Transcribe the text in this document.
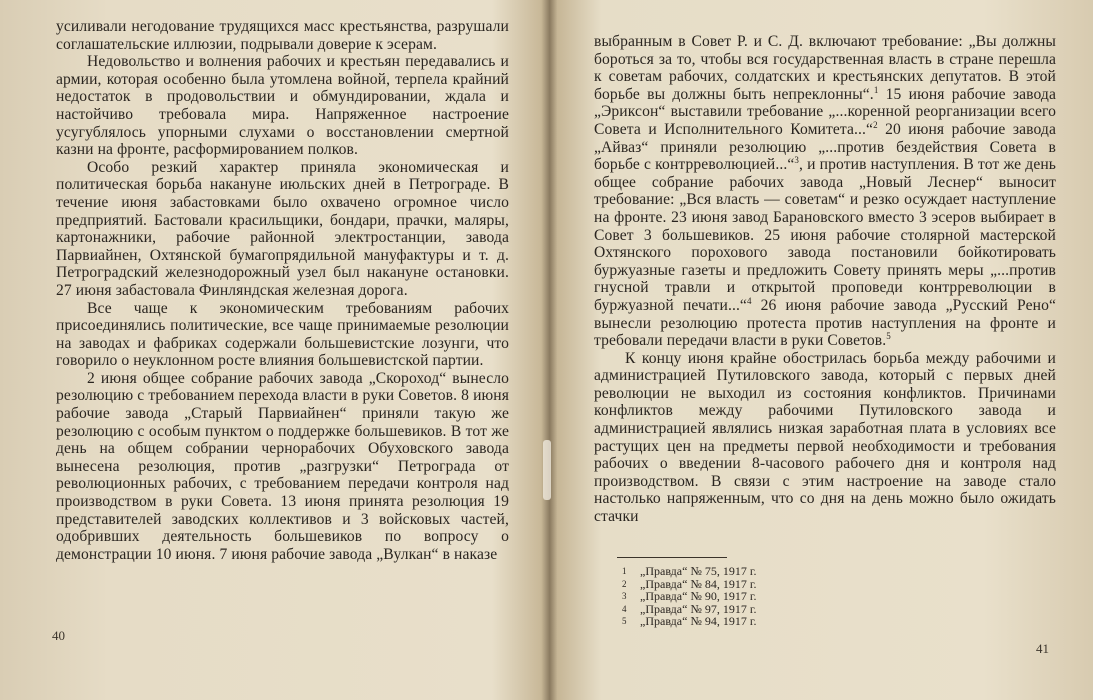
усиливали негодование трудящихся масс крестьянства, разрушали соглашательские иллюзии, подрывали доверие к эсерам.

Недовольство и волнения рабочих и крестьян передавались и армии, которая особенно была утомлена войной, терпела крайний недостаток в продовольствии и обмундировании, ждала и настойчиво требовала мира. Напряженное настроение усугублялось упорными слухами о восстановлении смертной казни на фронте, расформированием полков.

Особо резкий характер приняла экономическая и политическая борьба накануне июльских дней в Петрограде. В течение июня забастовками было охвачено огромное число предприятий. Бастовали красильщики, бондари, прачки, маляры, картонажники, рабочие районной электростанции, завода Парвиайнен, Охтянской бумагопрядильной мануфактуры и т. д. Петроградский железнодорожный узел был накануне остановки. 27 июня забастовала Финляндская железная дорога.

Все чаще к экономическим требованиям рабочих присоединялись политические, все чаще принимаемые резолюции на заводах и фабриках содержали большевистские лозунги, что говорило о неуклонном росте влияния большевистской партии.

2 июня общее собрание рабочих завода „Скороход“ вынесло резолюцию с требованием перехода власти в руки Советов. 8 июня рабочие завода „Старый Парвиайнен“ приняли такую же резолюцию с особым пунктом о поддержке большевиков. В тот же день на общем собрании чернорабочих Обуховского завода вынесена резолюция, против „разгрузки“ Петрограда от революционных рабочих, с требованием передачи контроля над производством в руки Совета. 13 июня принята резолюция 19 представителей заводских коллективов и 3 войсковых частей, одобривших деятельность большевиков по вопросу о демонстрации 10 июня. 7 июня рабочие завода „Вулкан“ в наказе

40

выбранным в Совет Р. и С. Д. включают требование: „Вы должны бороться за то, чтобы вся государственная власть в стране перешла к советам рабочих, солдатских и крестьянских депутатов. В этой борьбе вы должны быть непреклонны“.$^1$ 15 июня рабочие завода „Эриксон“ выставили требование „...коренной реорганизации всего Совета и Исполнительного Комитета...“$^2$ 20 июня рабочие завода „Айваз“ приняли резолюцию „...против бездействия Совета в борьбе с контрреволюцией...“$^3$, и против наступления. В тот же день общее собрание рабочих завода „Новый Леснер“ выносит требование: „Вся власть — советам“ и резко осуждает наступление на фронте. 23 июня завод Барановского вместо 3 эсеров выбирает в Совет 3 большевиков. 25 июня рабочие столярной мастерской Охтянского порохового завода постановили бойкотировать буржуазные газеты и предложить Совету принять меры „...против гнусной травли и открытой проповеди контрреволюции в буржуазной печати...“$^4$ 26 июня рабочие завода „Русский Рено“ вынесли резолюцию протеста против наступления на фронте и требовали передачи власти в руки Советов.$^5$

К концу июня крайне обострилась борьба между рабочими и администрацией Путиловского завода, который с первых дней революции не выходил из состояния конфликтов. Причинами конфликтов между рабочими Путиловского завода и администрацией являлись низкая заработная плата в условиях все растущих цен на предметы первой необходимости и требования рабочих о введении 8-часового рабочего дня и контроля над производством. В связи с этим настроение на заводе стало настолько напряженным, что со дня на день можно было ожидать стачки

1	„Правда“ № 75, 1917 г.
2	„Правда“ № 84, 1917 г.
3	„Правда“ № 90, 1917 г.
4	„Правда“ № 97, 1917 г.
5	„Правда“ № 94, 1917 г.
41
